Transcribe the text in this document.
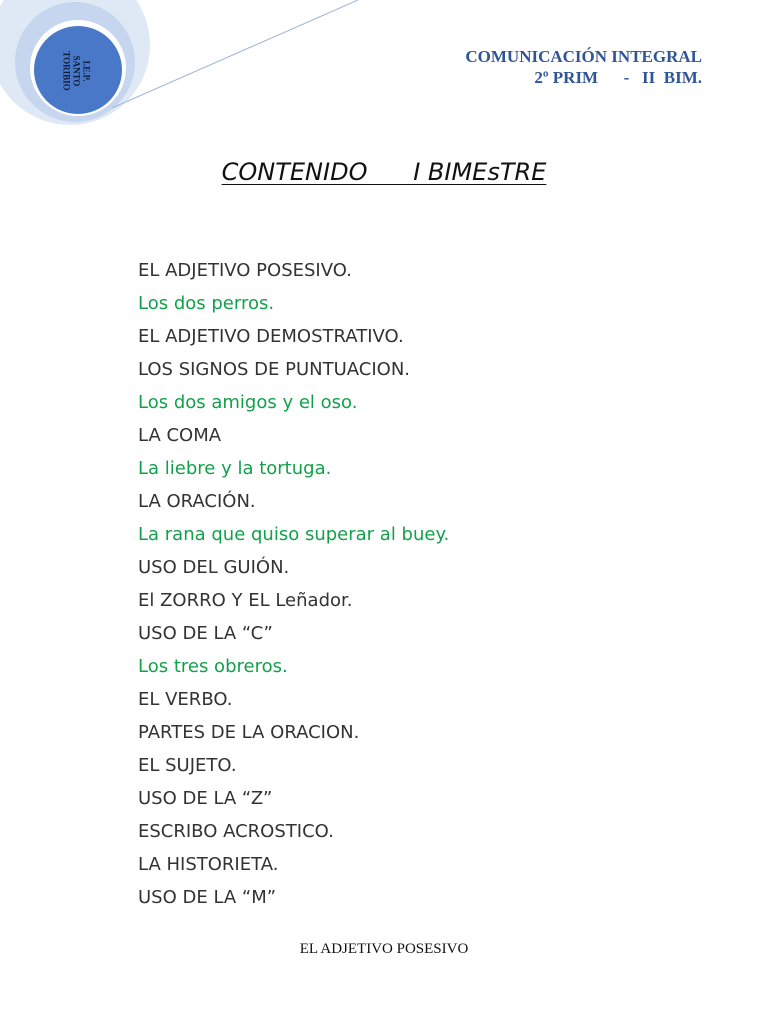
I.E.P.
SANTO
TORIBIO	COMUNICACIÓN INTEGRAL
2º PRIM      -   II  BIM.
CONTENIDO      I BIMEsTRE
EL ADJETIVO POSESIVO.
Los dos perros.
EL ADJETIVO DEMOSTRATIVO.
LOS SIGNOS DE PUNTUACION.
Los dos amigos y el oso.
LA COMA
La liebre y la tortuga.
LA ORACIÓN.
La rana que quiso superar al buey.
USO DEL GUIÓN.
El ZORRO Y EL Leñador.
USO DE LA “C”
Los tres obreros.
EL VERBO.
PARTES DE LA ORACION.
EL SUJETO.
USO DE LA “Z”
ESCRIBO ACROSTICO.
LA HISTORIETA.
USO DE LA “M”
EL ADJETIVO POSESIVO
